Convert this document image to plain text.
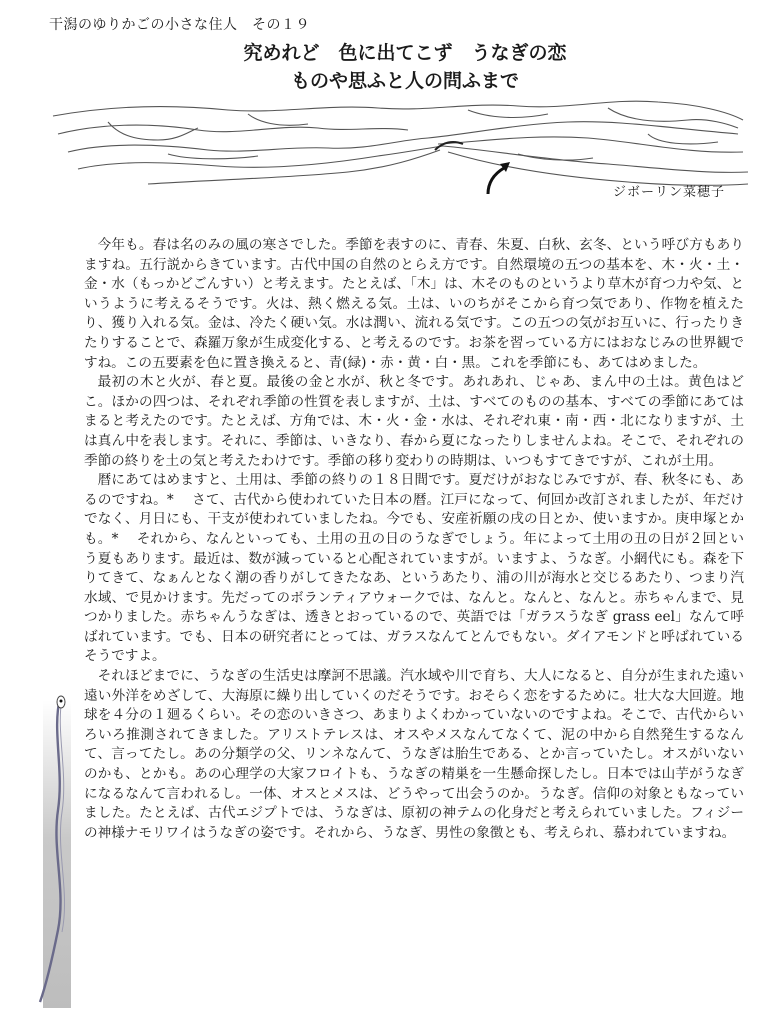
干潟のゆりかごの小さな住人　その１９
究めれど　色に出てこず　うなぎの恋
ものや思ふと人の問ふまで
ジボーリン菜穂子

今年も。春は名のみの風の寒さでした。季節を表すのに、青春、朱夏、白秋、玄冬、という呼び方もありますね。五行説からきています。古代中国の自然のとらえ方です。自然環境の五つの基本を、木・火・土・金・水（もっかどごんすい）と考えます。たとえば、「木」は、木そのものというより草木が育つ力や気、というように考えるそうです。火は、熱く燃える気。土は、いのちがそこから育つ気であり、作物を植えたり、獲り入れる気。金は、冷たく硬い気。水は潤い、流れる気です。この五つの気がお互いに、行ったりきたりすることで、森羅万象が生成変化する、と考えるのです。お茶を習っている方にはおなじみの世界観ですね。この五要素を色に置き換えると、青(緑)・赤・黄・白・黒。これを季節にも、あてはめました。

最初の木と火が、春と夏。最後の金と水が、秋と冬です。あれあれ、じゃあ、まん中の土は。黄色はどこ。ほかの四つは、それぞれ季節の性質を表しますが、土は、すべてのものの基本、すべての季節にあてはまると考えたのです。たとえば、方角では、木・火・金・水は、それぞれ東・南・西・北になりますが、土は真ん中を表します。それに、季節は、いきなり、春から夏になったりしませんよね。そこで、それぞれの季節の終りを土の気と考えたわけです。季節の移り変わりの時期は、いつもすてきですが、これが土用。

暦にあてはめますと、土用は、季節の終りの１８日間です。夏だけがおなじみですが、春、秋冬にも、あるのですね。* 　さて、古代から使われていた日本の暦。江戸になって、何回か改訂されましたが、年だけでなく、月日にも、干支が使われていましたね。今でも、安産祈願の戌の日とか、使いますか。庚申塚とかも。* 　それから、なんといっても、土用の丑の日のうなぎでしょう。年によって土用の丑の日が２回という夏もあります。最近は、数が減っていると心配されていますが。いますよ、うなぎ。小網代にも。森を下りてきて、なぁんとなく潮の香りがしてきたなあ、というあたり、浦の川が海水と交じるあたり、つまり汽水域、で見かけます。先だってのボランティアウォークでは、なんと。なんと、なんと。赤ちゃんまで、見つかりました。赤ちゃんうなぎは、透きとおっているので、英語では「ガラスうなぎ grass eel」なんて呼ばれています。でも、日本の研究者にとっては、ガラスなんてとんでもない。ダイアモンドと呼ばれているそうですよ。

それほどまでに、うなぎの生活史は摩訶不思議。汽水域や川で育ち、大人になると、自分が生まれた遠い遠い外洋をめざして、大海原に繰り出していくのだそうです。おそらく恋をするために。壮大な大回遊。地球を４分の１廻るくらい。その恋のいきさつ、あまりよくわかっていないのですよね。そこで、古代からいろいろ推測されてきました。アリストテレスは、オスやメスなんてなくて、泥の中から自然発生するなんて、言ってたし。あの分類学の父、リンネなんて、うなぎは胎生である、とか言っていたし。オスがいないのかも、とかも。あの心理学の大家フロイトも、うなぎの精巣を一生懸命探したし。日本では山芋がうなぎになるなんて言われるし。一体、オスとメスは、どうやって出会うのか。うなぎ。信仰の対象ともなっていました。たとえば、古代エジプトでは、うなぎは、原初の神テムの化身だと考えられていました。フィジーの神様ナモリワイはうなぎの姿です。それから、うなぎ、男性の象徴とも、考えられ、慕われていますね。
